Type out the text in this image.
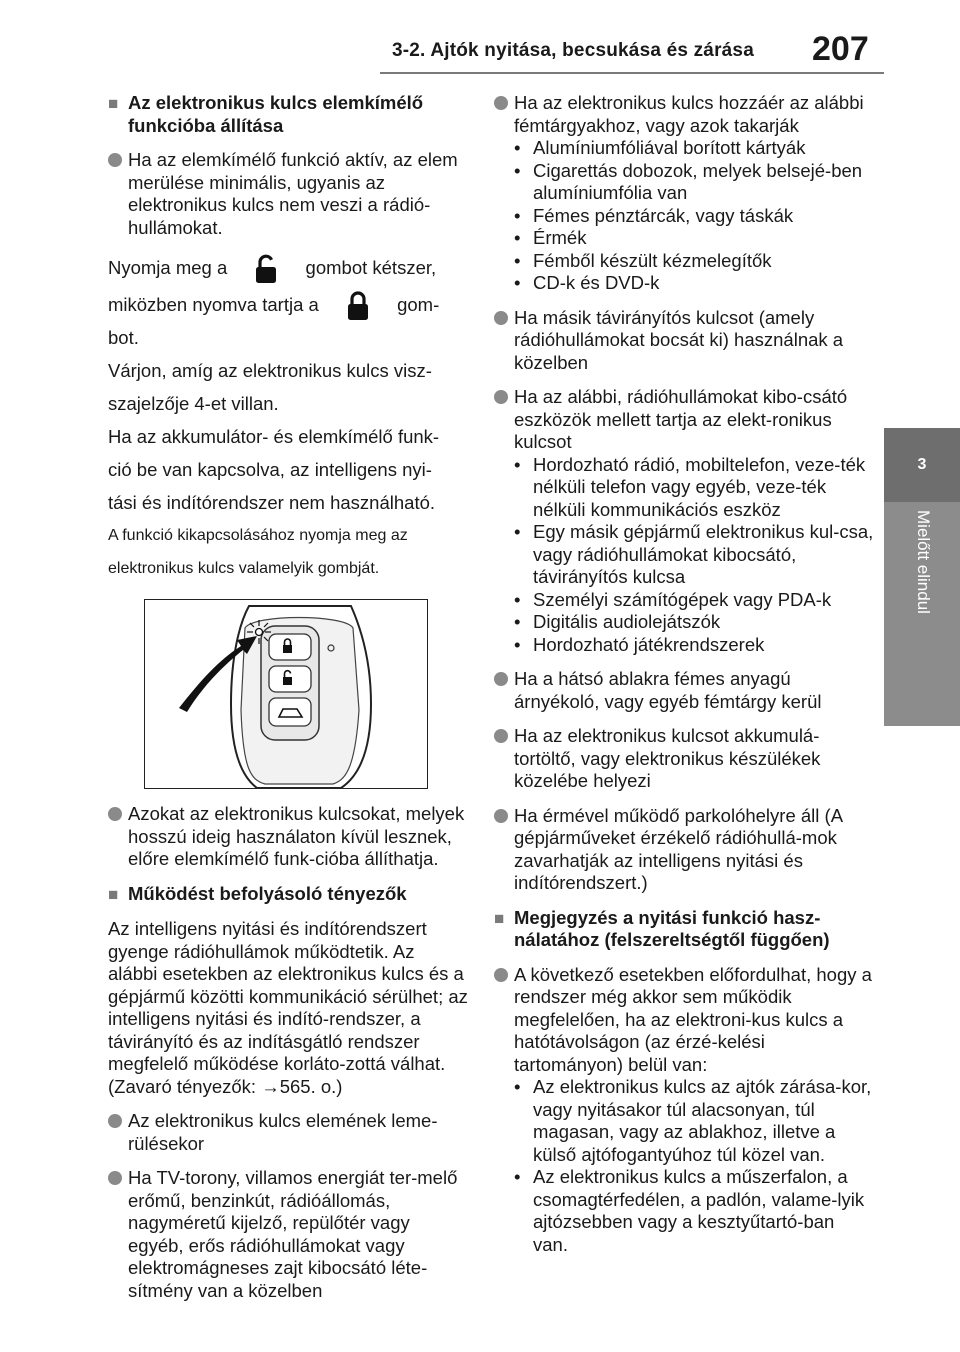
3-2. Ajtók nyitása, becsukása és zárása	207
3
Mielőtt elindul
■ Az elektronikus kulcs elemkímélő funkcióba állítása
Ha az elemkímélő funkció aktív, az elem merülése minimális, ugyanis az elektronikus kulcs nem veszi a rádió-hullámokat.
Nyomja meg a	gombot kétszer,
miközben nyomva tartja a	gom-
bot.
Várjon, amíg az elektronikus kulcs visz-
szajelzője 4-et villan.
Ha az akkumulátor- és elemkímélő funk-
ció be van kapcsolva, az intelligens nyi-
tási és indítórendszer nem használható.
A funkció kikapcsolásához nyomja meg az
elektronikus kulcs valamelyik gombját.
Azokat az elektronikus kulcsokat, melyek hosszú ideig használaton kívül lesznek, előre elemkímélő funk-cióba állíthatja.
■ Működést befolyásoló tényezők
Az intelligens nyitási és indítórendszert gyenge rádióhullámok működtetik. Az alábbi esetekben az elektronikus kulcs és a gépjármű közötti kommunikáció sérülhet; az intelligens nyitási és indító-rendszer, a távirányító és az indításgátló rendszer megfelelő működése korláto-zottá válhat.
(Zavaró tényezők: →565. o.)
Az elektronikus kulcs elemének leme-rülésekor
Ha TV-torony, villamos energiát ter-melő erőmű, benzinkút, rádióállomás, nagyméretű kijelző, repülőtér vagy egyéb, erős rádióhullámokat vagy elektromágneses zajt kibocsátó léte-sítmény van a közelben
Ha az elektronikus kulcs hozzáér az alábbi fémtárgyakhoz, vagy azok takarják
• Alumíniumfóliával borított kártyák
• Cigarettás dobozok, melyek belsejé-ben alumíniumfólia van
• Fémes pénztárcák, vagy táskák
• Érmék
• Fémből készült kézmelegítők
• CD-k és DVD-k
Ha másik távirányítós kulcsot (amely rádióhullámokat bocsát ki) használnak a közelben
Ha az alábbi, rádióhullámokat kibo-csátó eszközök mellett tartja az elekt-ronikus kulcsot
• Hordozható rádió, mobiltelefon, veze-ték nélküli telefon vagy egyéb, veze-ték nélküli kommunikációs eszköz
• Egy másik gépjármű elektronikus kul-csa, vagy rádióhullámokat kibocsátó, távirányítós kulcsa
• Személyi számítógépek vagy PDA-k
• Digitális audiolejátszók
• Hordozható játékrendszerek
Ha a hátsó ablakra fémes anyagú árnyékoló, vagy egyéb fémtárgy kerül
Ha az elektronikus kulcsot akkumulá-tortöltő, vagy elektronikus készülékek közelébe helyezi
Ha érmével működő parkolóhelyre áll (A gépjárműveket érzékelő rádióhullá-mok zavarhatják az intelligens nyitási és indítórendszert.)
■ Megjegyzés a nyitási funkció hasz-nálatához (felszereltségtől függően)
A következő esetekben előfordulhat, hogy a rendszer még akkor sem működik megfelelően, ha az elektroni-kus kulcs a hatótávolságon (az érzé-kelési tartományon) belül van:
• Az elektronikus kulcs az ajtók zárása-kor, vagy nyitásakor túl alacsonyan, túl magasan, vagy az ablakhoz, illetve a külső ajtófogantyúhoz túl közel van.
• Az elektronikus kulcs a műszerfalon, a csomagtérfedélen, a padlón, valame-lyik ajtózsebben vagy a kesztyűtartó-ban van.
